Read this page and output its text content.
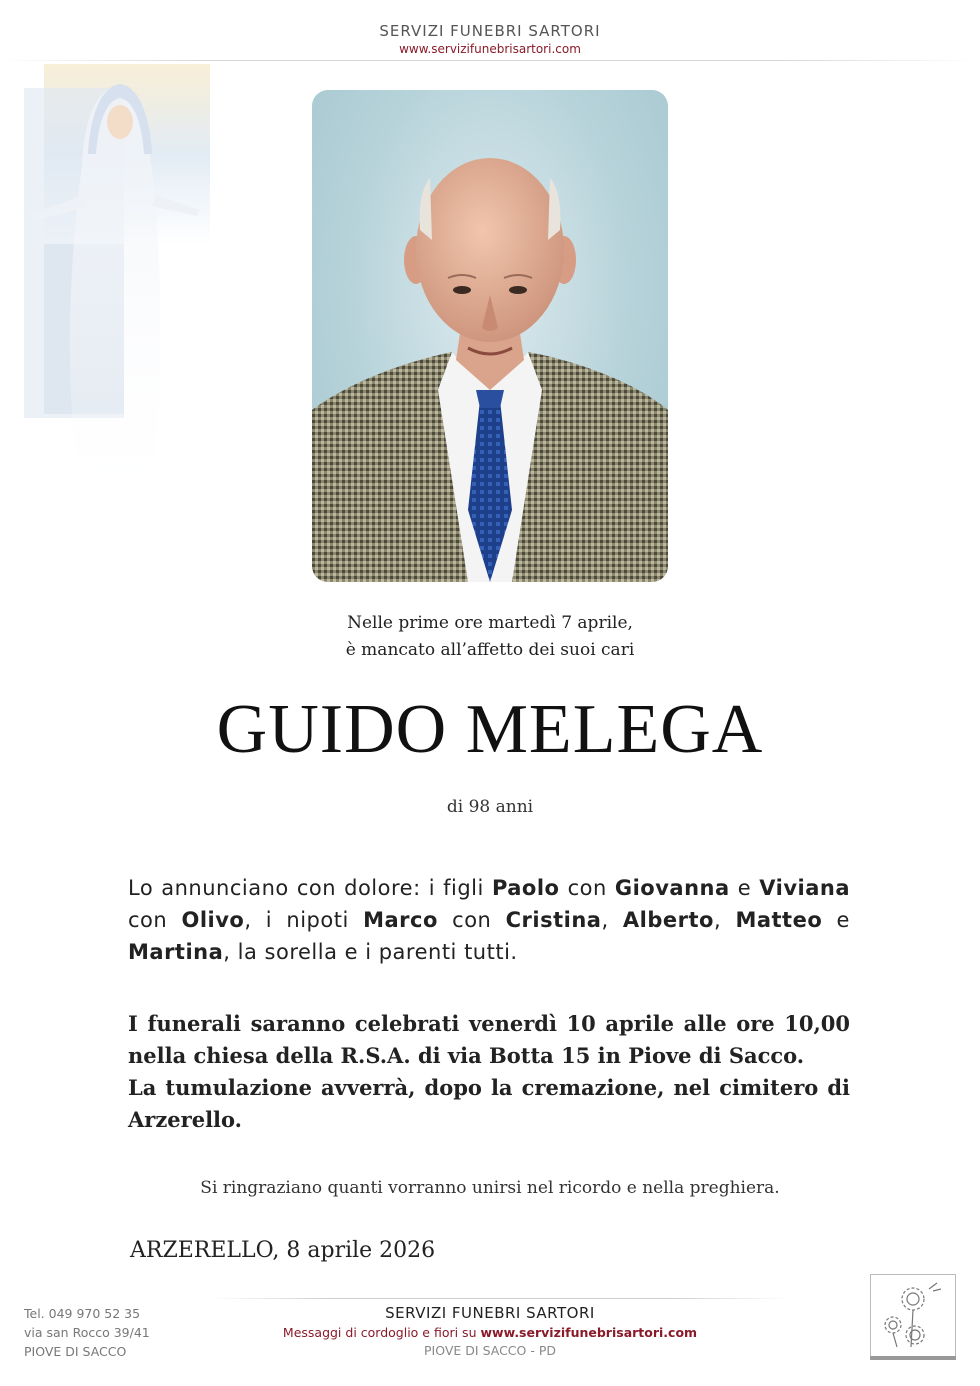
SERVIZI FUNEBRI SARTORI
www.servizifunebrisartori.com
Nelle prime ore martedì 7 aprile,
è mancato all’affetto dei suoi cari
GUIDO MELEGA
di 98 anni
Lo annunciano con dolore: i figli Paolo con Giovanna e Viviana con Olivo, i nipoti Marco con Cristina, Alberto, Matteo e Martina, la sorella e i parenti tutti.
I funerali saranno celebrati venerdì 10 aprile alle ore 10,00
nella chiesa della R.S.A. di via Botta 15 in Piove di Sacco.
La tumulazione avverrà, dopo la cremazione, nel cimitero di
Arzerello.
Si ringraziano quanti vorranno unirsi nel ricordo e nella preghiera.
ARZERELLO, 8 aprile 2026
Tel. 049 970 52 35
via san Rocco 39/41
PIOVE DI SACCO
SERVIZI FUNEBRI SARTORI
Messaggi di cordoglio e fiori su www.servizifunebrisartori.com
PIOVE DI SACCO - PD
